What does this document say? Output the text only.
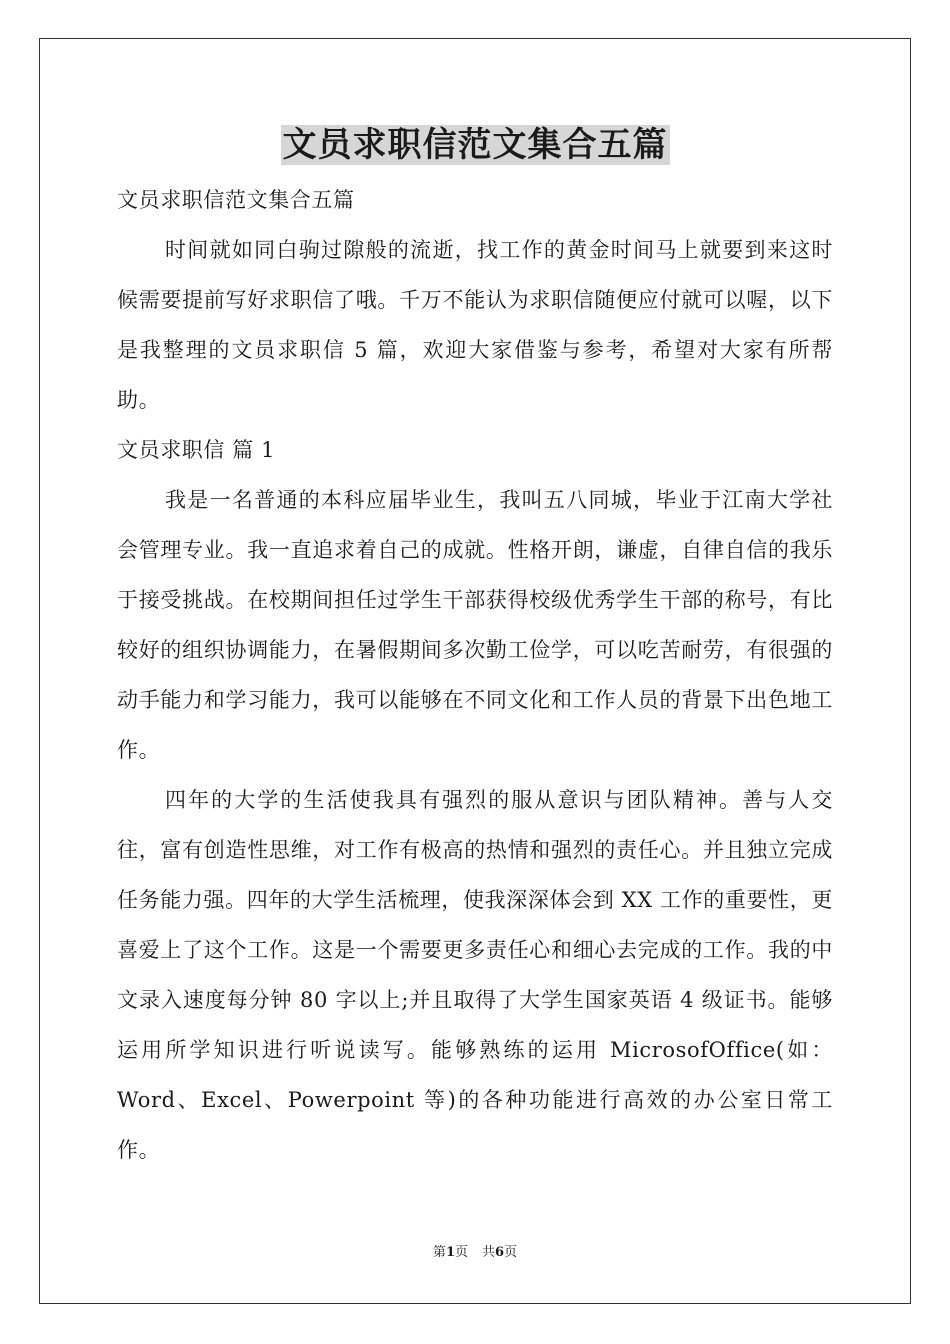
文员求职信范文集合五篇

文员求职信范文集合五篇

时间就如同白驹过隙般的流逝，找工作的黄金时间马上就要到来这时候需要提前写好求职信了哦。千万不能认为求职信随便应付就可以喔，以下是我整理的文员求职信 5 篇，欢迎大家借鉴与参考，希望对大家有所帮助。

文员求职信 篇 1

我是一名普通的本科应届毕业生，我叫五八同城，毕业于江南大学社会管理专业。我一直追求着自己的成就。性格开朗，谦虚，自律自信的我乐于接受挑战。在校期间担任过学生干部获得校级优秀学生干部的称号，有比较好的组织协调能力，在暑假期间多次勤工俭学，可以吃苦耐劳，有很强的动手能力和学习能力，我可以能够在不同文化和工作人员的背景下出色地工作。

四年的大学的生活使我具有强烈的服从意识与团队精神。善与人交往，富有创造性思维，对工作有极高的热情和强烈的责任心。并且独立完成任务能力强。四年的大学生活梳理，使我深深体会到 XX 工作的重要性，更喜爱上了这个工作。这是一个需要更多责任心和细心去完成的工作。我的中文录入速度每分钟 80 字以上;并且取得了大学生国家英语 4 级证书。能够运用所学知识进行听说读写。能够熟练的运用 MicrosofOffice(如：Word、Excel、Powerpoint 等)的各种功能进行高效的办公室日常工作。

第1页 共6页
